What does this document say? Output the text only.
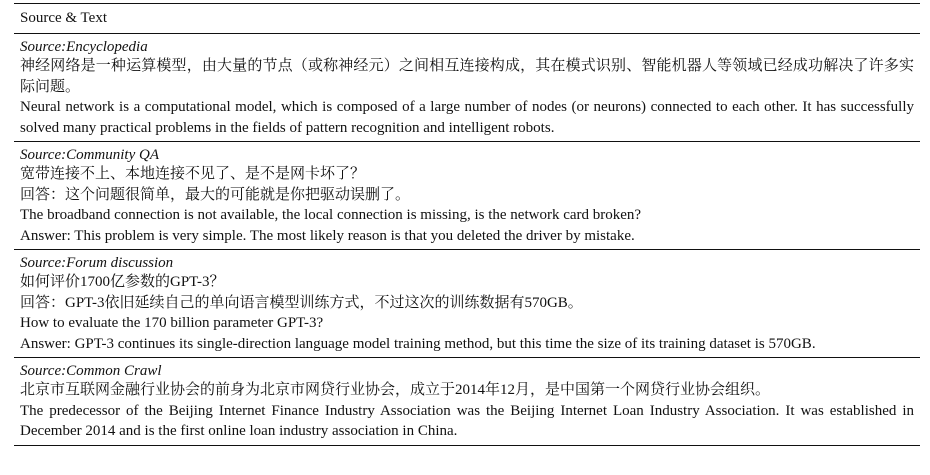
Source & Text
Source:Encyclopedia
神经网络是一种运算模型，由大量的节点（或称神经元）之间相互连接构成，其在模式识别、智能机器人等领域已经成功解决了许多实际问题。
Neural network is a computational model, which is composed of a large number of nodes (or neurons) connected to each other. It has successfully solved many practical problems in the fields of pattern recognition and intelligent robots.
Source:Community QA
宽带连接不上、本地连接不见了、是不是网卡坏了？
回答：这个问题很简单，最大的可能就是你把驱动误删了。
The broadband connection is not available, the local connection is missing, is the network card broken?
Answer: This problem is very simple. The most likely reason is that you deleted the driver by mistake.
Source:Forum discussion
如何评价1700亿参数的GPT-3？
回答：GPT-3依旧延续自己的单向语言模型训练方式，不过这次的训练数据有570GB。
How to evaluate the 170 billion parameter GPT-3?
Answer: GPT-3 continues its single-direction language model training method, but this time the size of its training dataset is 570GB.
Source:Common Crawl
北京市互联网金融行业协会的前身为北京市网贷行业协会，成立于2014年12月，是中国第一个网贷行业协会组织。
The predecessor of the Beijing Internet Finance Industry Association was the Beijing Internet Loan Industry Association. It was established in December 2014 and is the first online loan industry association in China.
